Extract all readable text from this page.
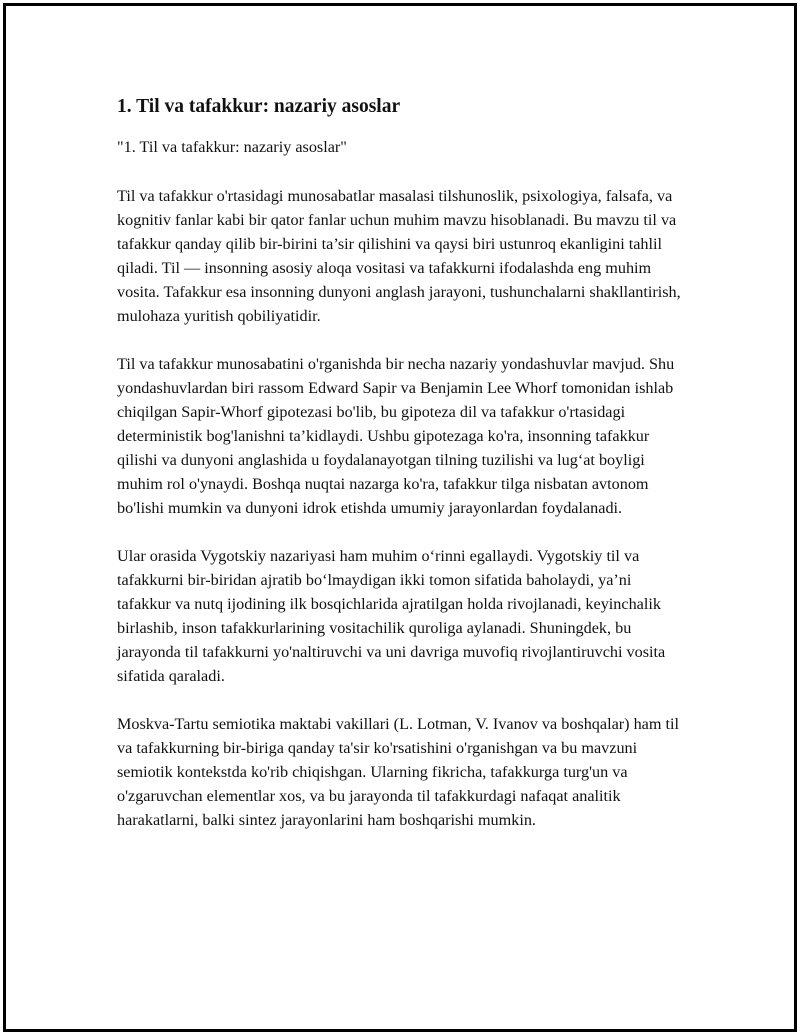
1. Til va tafakkur: nazariy asoslar

"1. Til va tafakkur: nazariy asoslar"

Til va tafakkur o'rtasidagi munosabatlar masalasi tilshunoslik, psixologiya, falsafa, va kognitiv fanlar kabi bir qator fanlar uchun muhim mavzu hisoblanadi. Bu mavzu til va tafakkur qanday qilib bir-birini ta’sir qilishini va qaysi biri ustunroq ekanligini tahlil qiladi. Til — insonning asosiy aloqa vositasi va tafakkurni ifodalashda eng muhim vosita. Tafakkur esa insonning dunyoni anglash jarayoni, tushunchalarni shakllantirish, mulohaza yuritish qobiliyatidir.

Til va tafakkur munosabatini o'rganishda bir necha nazariy yondashuvlar mavjud. Shu yondashuvlardan biri rassom Edward Sapir va Benjamin Lee Whorf tomonidan ishlab chiqilgan Sapir-Whorf gipotezasi bo'lib, bu gipoteza dil va tafakkur o'rtasidagi deterministik bog'lanishni ta’kidlaydi. Ushbu gipotezaga ko'ra, insonning tafakkur qilishi va dunyoni anglashida u foydalanayotgan tilning tuzilishi va lug‘at boyligi muhim rol o'ynaydi. Boshqa nuqtai nazarga ko'ra, tafakkur tilga nisbatan avtonom bo'lishi mumkin va dunyoni idrok etishda umumiy jarayonlardan foydalanadi.

Ular orasida Vygotskiy nazariyasi ham muhim o‘rinni egallaydi. Vygotskiy til va tafakkurni bir-biridan ajratib bo‘lmaydigan ikki tomon sifatida baholaydi, ya’ni tafakkur va nutq ijodining ilk bosqichlarida ajratilgan holda rivojlanadi, keyinchalik birlashib, inson tafakkurlarining vositachilik quroliga aylanadi. Shuningdek, bu jarayonda til tafakkurni yo'naltiruvchi va uni davriga muvofiq rivojlantiruvchi vosita sifatida qaraladi.

Moskva-Tartu semiotika maktabi vakillari (L. Lotman, V. Ivanov va boshqalar) ham til va tafakkurning bir-biriga qanday ta'sir ko'rsatishini o'rganishgan va bu mavzuni semiotik kontekstda ko'rib chiqishgan. Ularning fikricha, tafakkurga turg'un va o'zgaruvchan elementlar xos, va bu jarayonda til tafakkurdagi nafaqat analitik harakatlarni, balki sintez jarayonlarini ham boshqarishi mumkin.
